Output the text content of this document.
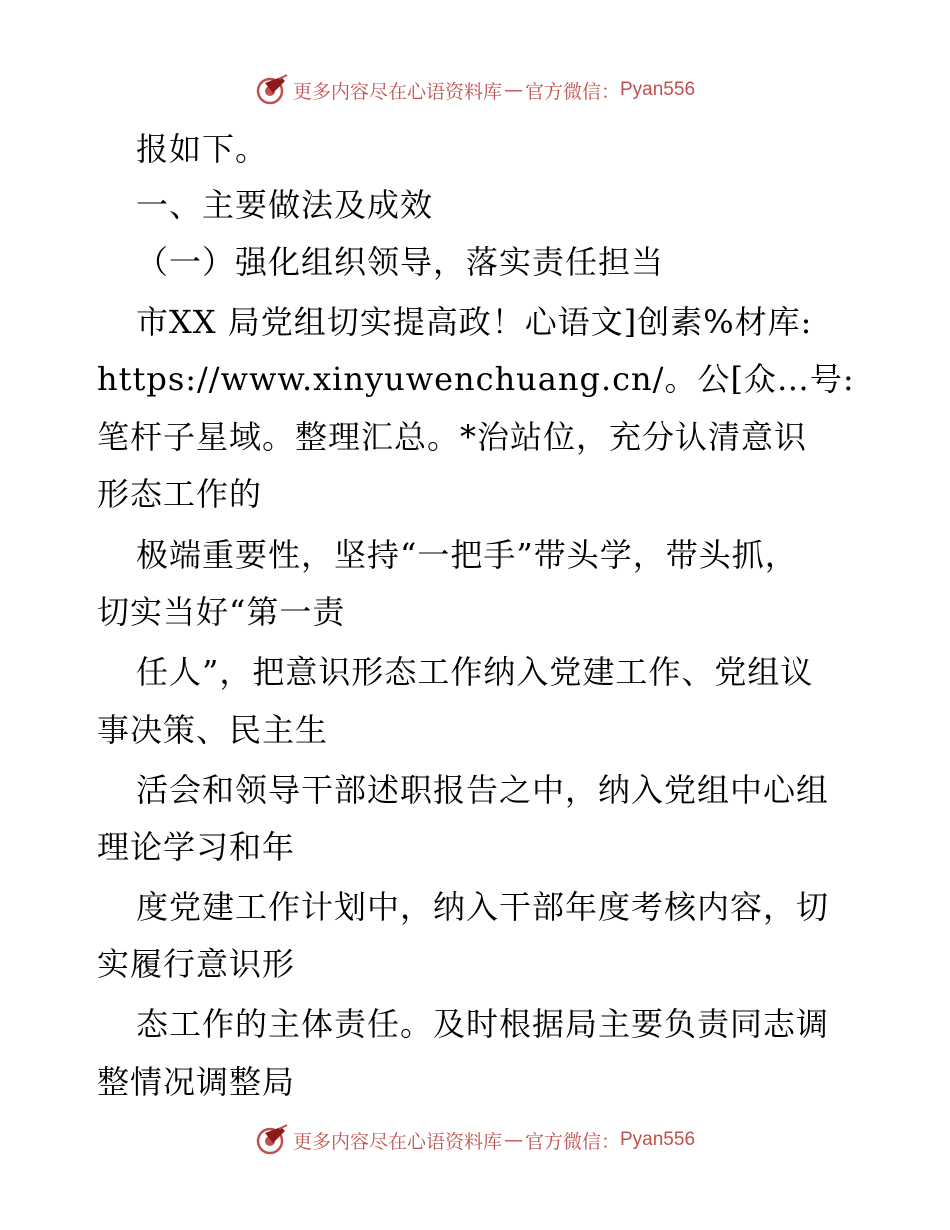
更多内容尽在心语资料库 — 官方微信： Pyan556
报如下。
一、主要做法及成效
（一）强化组织领导，落实责任担当
市XX 局党组切实提高政！心语文]创素%材库:
https://www.xinyuwenchuang.cn/。公[众…号:
笔杆子星域。整理汇总。*治站位，充分认清意识
形态工作的
极端重要性，坚持“一把手”带头学，带头抓，
切实当好“第一责
任人”，把意识形态工作纳入党建工作、党组议
事决策、民主生
活会和领导干部述职报告之中，纳入党组中心组
理论学习和年
度党建工作计划中，纳入干部年度考核内容，切
实履行意识形
态工作的主体责任。及时根据局主要负责同志调
整情况调整局
更多内容尽在心语资料库 — 官方微信： Pyan556
